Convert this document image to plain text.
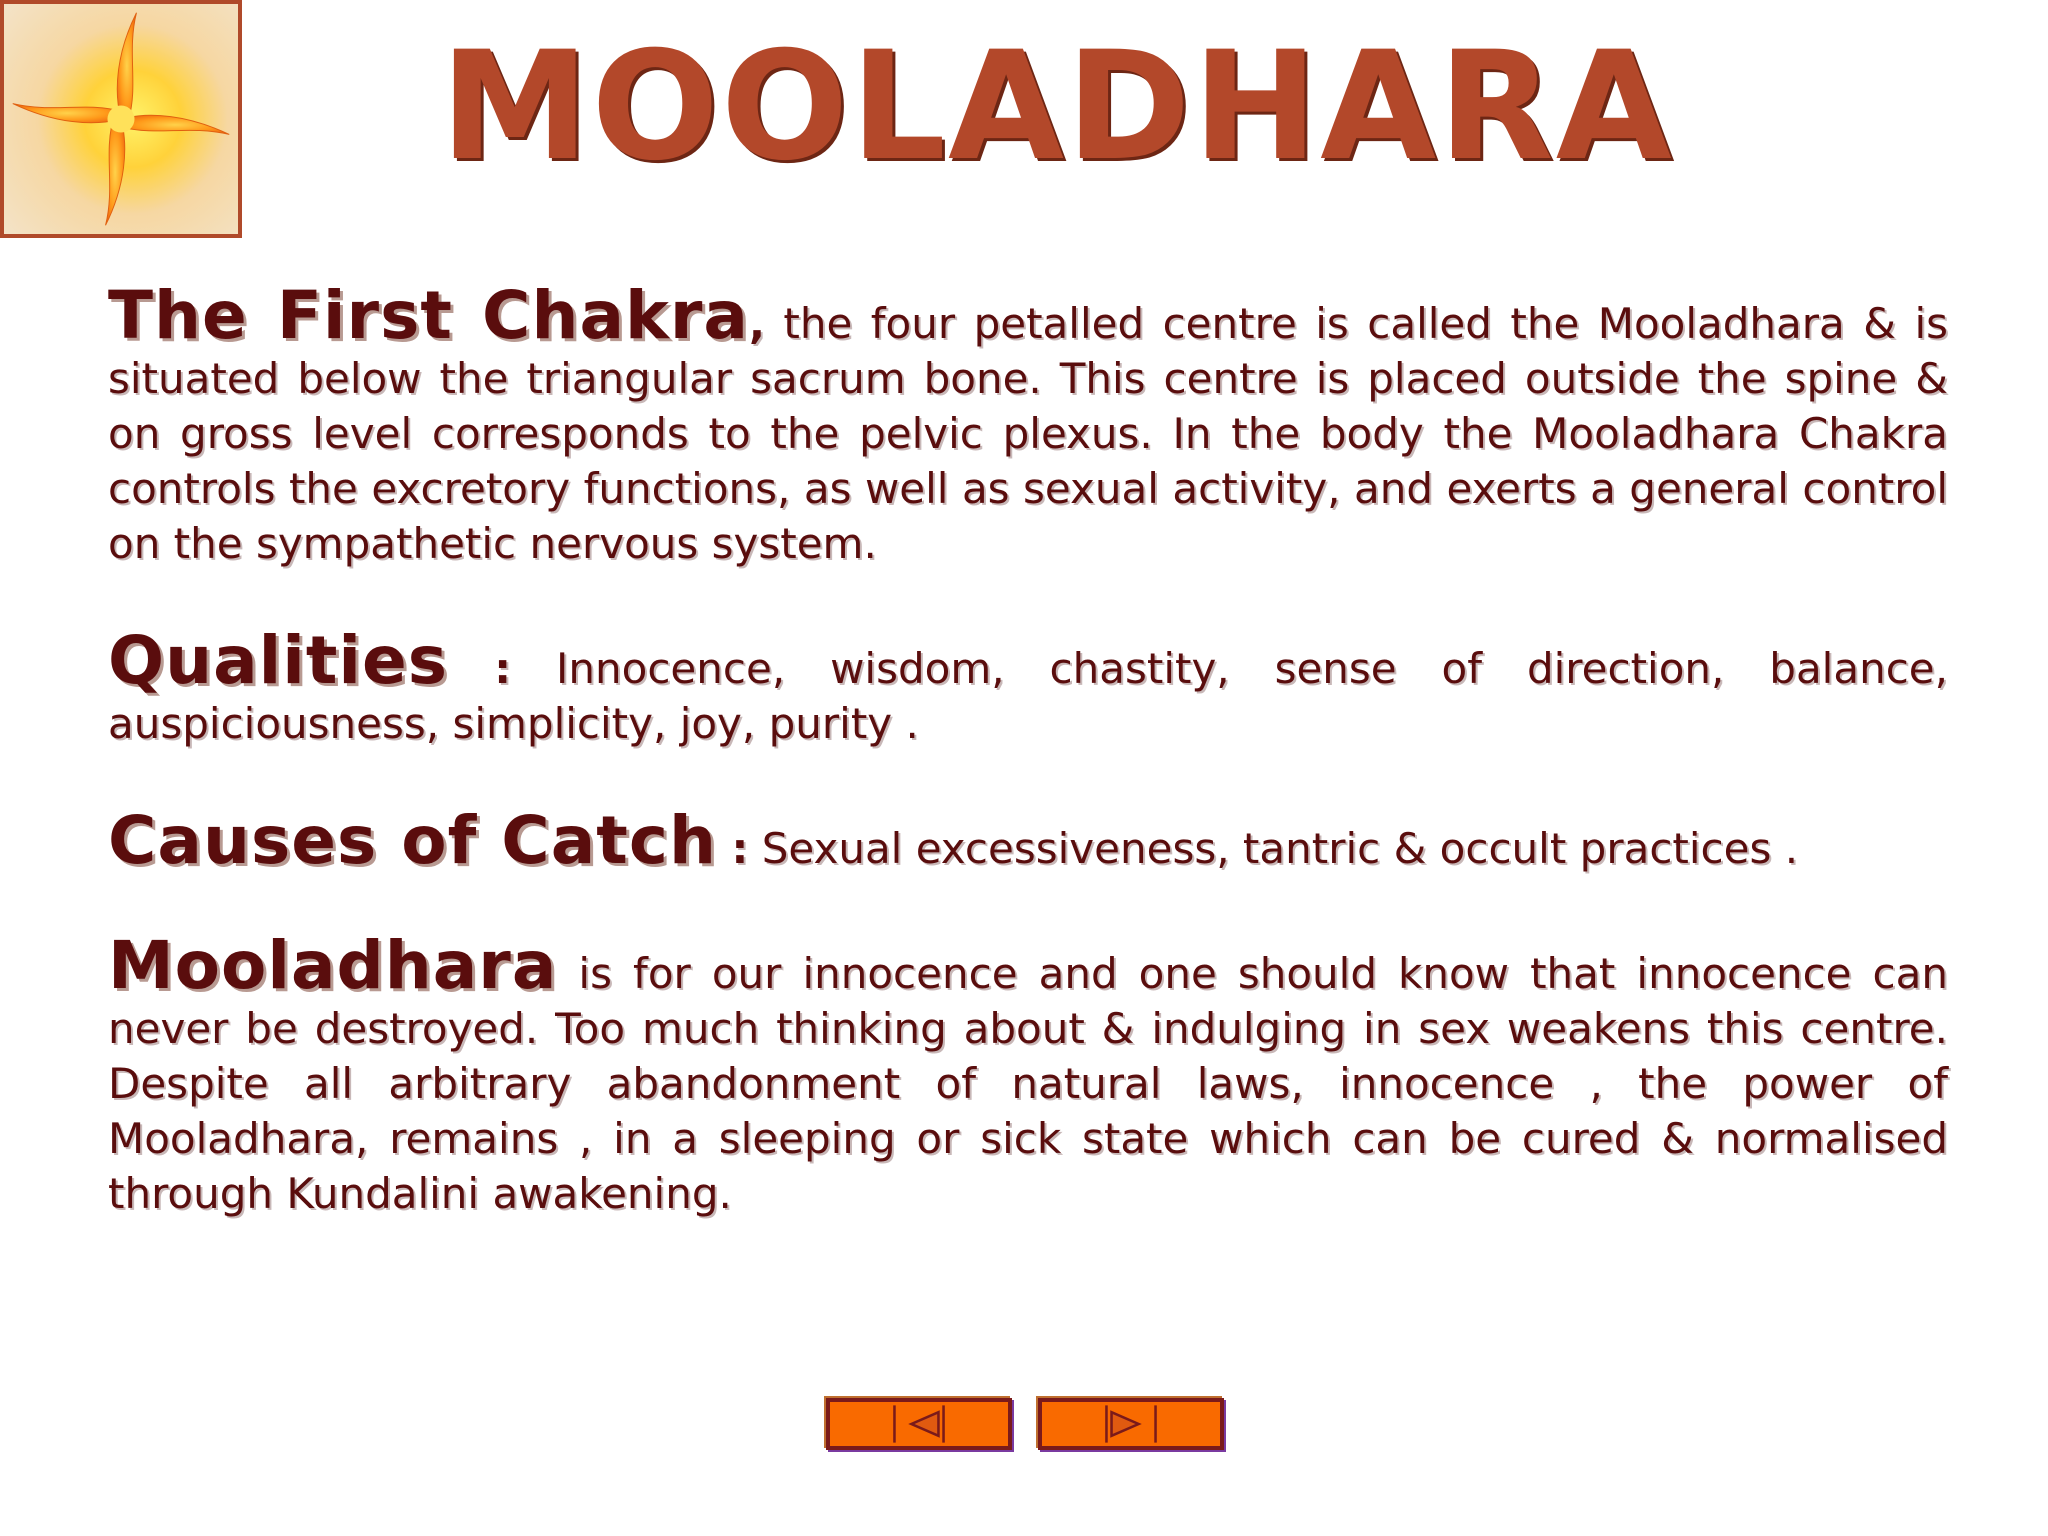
MOOLADHARA

The First Chakra, the four petalled centre is called the Mooladhara & is situated below the triangular sacrum bone. This centre is placed outside the spine & on gross level corresponds to the pelvic plexus. In the body the Mooladhara Chakra controls the excretory functions, as well as sexual activity, and exerts a general control on the sympathetic nervous system.

Qualities : Innocence, wisdom, chastity, sense of direction, balance, auspiciousness, simplicity, joy, purity .

Causes of Catch : Sexual excessiveness, tantric & occult practices .

Mooladhara is for our innocence and one should know that innocence can never be destroyed. Too much thinking about & indulging in sex weakens this centre. Despite all arbitrary abandonment of natural laws, innocence , the power of Mooladhara, remains , in a sleeping or sick state which can be cured & normalised through Kundalini awakening.
